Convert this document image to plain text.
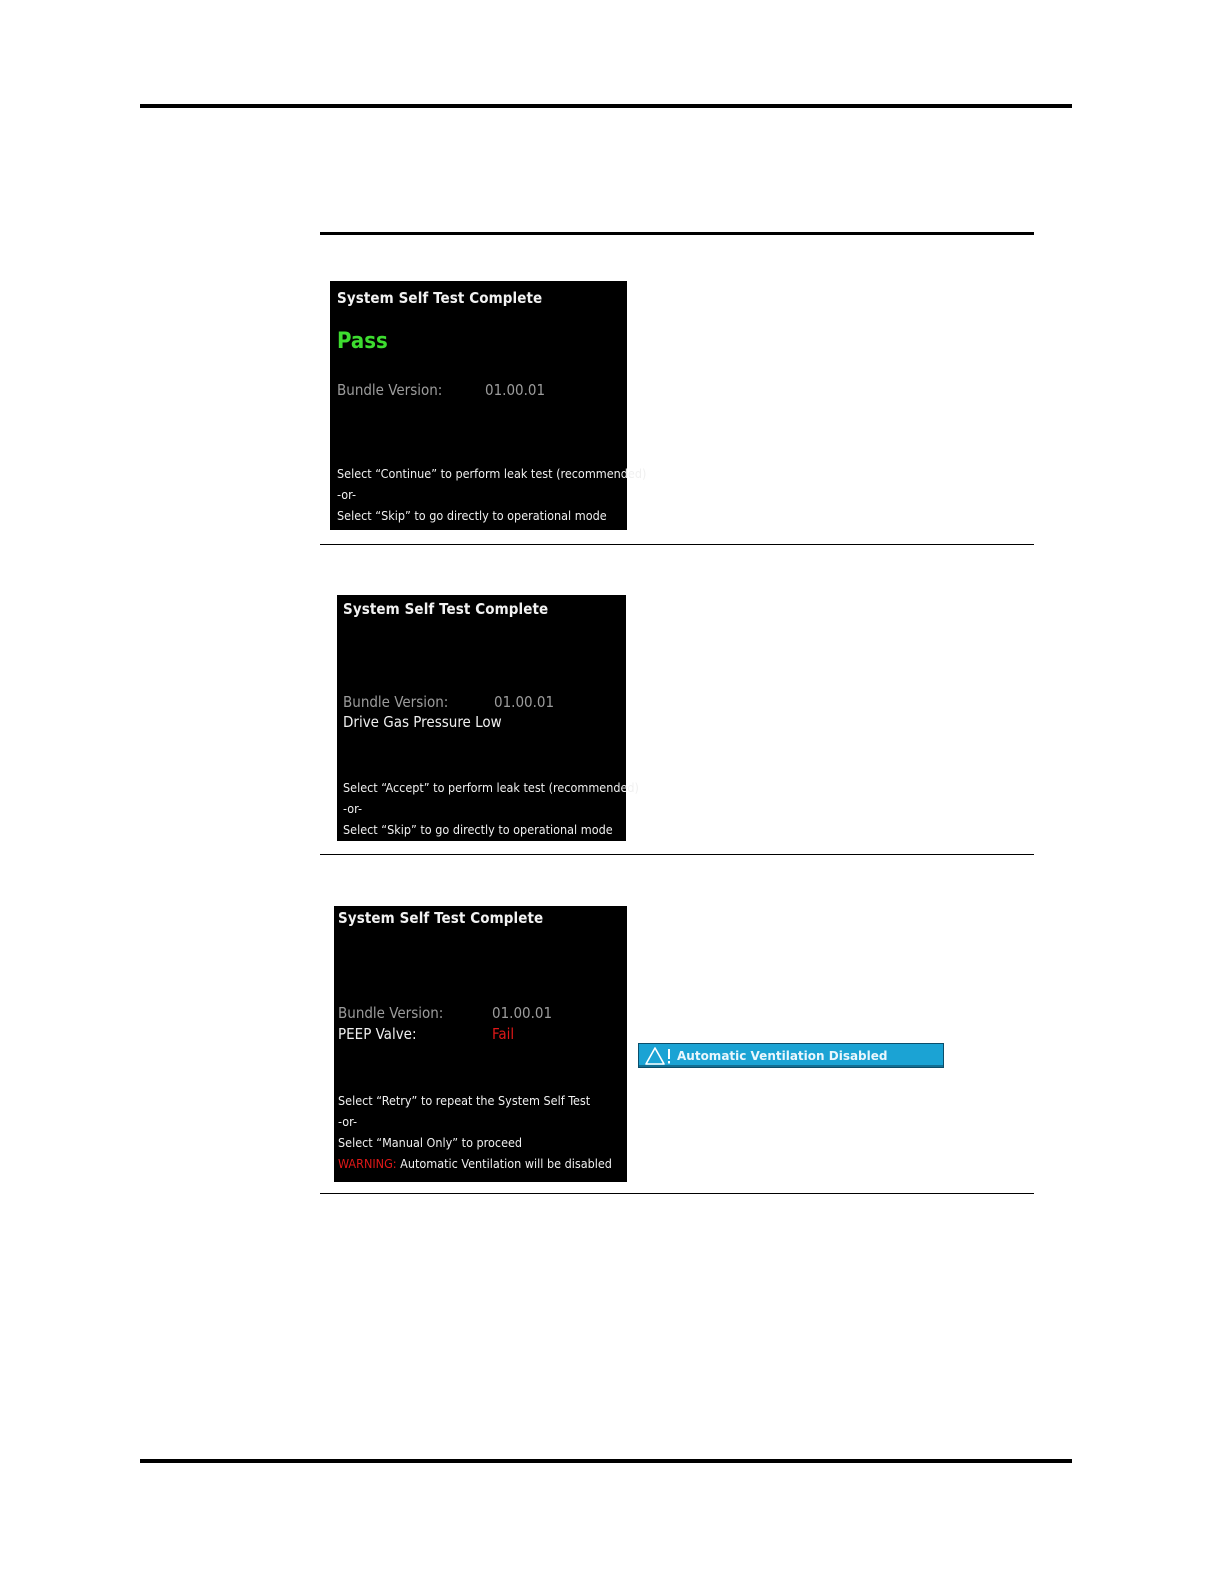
System Self Test Complete
Pass
Bundle Version:	01.00.01
Select “Continue” to perform leak test (recommended)
-or-
Select “Skip” to go directly to operational mode
System Self Test Complete
Bundle Version:	01.00.01
Drive Gas Pressure Low
Select “Accept” to perform leak test (recommended)
-or-
Select “Skip” to go directly to operational mode
System Self Test Complete
Bundle Version:	01.00.01
PEEP Valve:	Fail
Select “Retry” to repeat the System Self Test
-or-
Select “Manual Only” to proceed
WARNING: Automatic Ventilation will be disabled
Automatic Ventilation Disabled
